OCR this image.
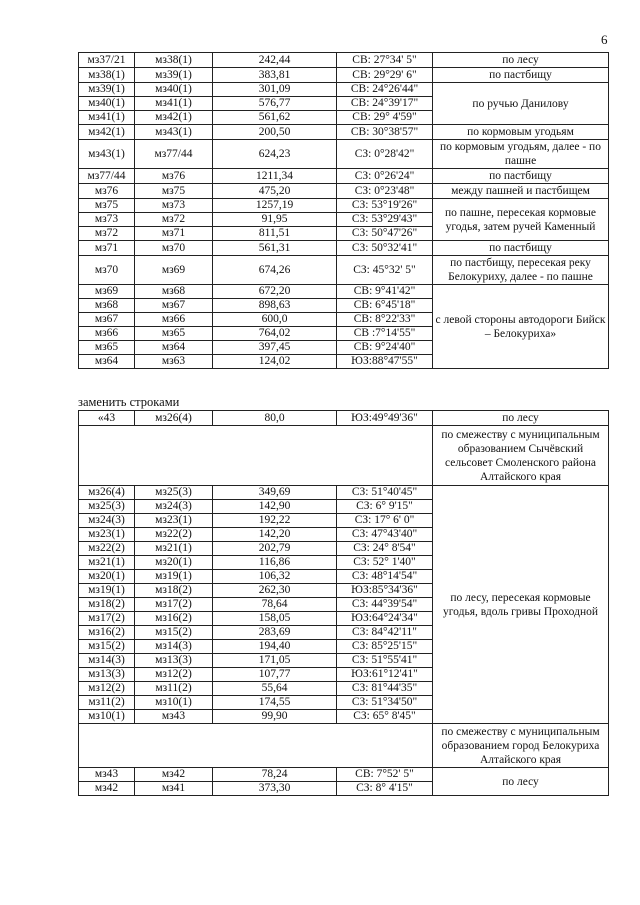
6
мз37/21	мз38(1)	242,44	СВ: 27°34' 5"	по лесу
мз38(1)	мз39(1)	383,81	СВ: 29°29' 6"	по пастбищу
мз39(1)	мз40(1)	301,09	СВ: 24°26'44"	по ручью Данилову
мз40(1)	мз41(1)	576,77	СВ: 24°39'17"	
мз41(1)	мз42(1)	561,62	СВ: 29° 4'59"	
мз42(1)	мз43(1)	200,50	СВ: 30°38'57"	по кормовым угодьям
мз43(1)	мз77/44	624,23	СЗ: 0°28'42"	по кормовым угодьям, далее - по пашне
мз77/44	мз76	1211,34	СЗ: 0°26'24"	по пастбищу
мз76	мз75	475,20	СЗ: 0°23'48"	между пашней и пастбищем
мз75	мз73	1257,19	СЗ: 53°19'26"	по пашне, пересекая кормовые угодья, затем ручей Каменный
мз73	мз72	91,95	СЗ: 53°29'43"	
мз72	мз71	811,51	СЗ: 50°47'26"	
мз71	мз70	561,31	СЗ: 50°32'41"	по пастбищу
мз70	мз69	674,26	СЗ: 45°32' 5"	по пастбищу, пересекая реку Белокуриху, далее - по пашне
мз69	мз68	672,20	СВ: 9°41'42"	с левой стороны автодороги Бийск – Белокуриха»
мз68	мз67	898,63	СВ: 6°45'18"	
мз67	мз66	600,0	СВ: 8°22'33"	
мз66	мз65	764,02	СВ :7°14'55"	
мз65	мз64	397,45	СВ: 9°24'40"	
мз64	мз63	124,02	ЮЗ:88°47'55"	
заменить строками
«43	мз26(4)	80,0	ЮЗ:49°49'36"	по лесу
				по смежеству с муниципальным образованием Сычёвский сельсовет Смоленского района Алтайского края
мз26(4)	мз25(3)	349,69	СЗ: 51°40'45"	по лесу, пересекая кормовые угодья, вдоль гривы Проходной
мз25(3)	мз24(3)	142,90	СЗ: 6° 9'15"	
мз24(3)	мз23(1)	192,22	СЗ: 17° 6' 0"	
мз23(1)	мз22(2)	142,20	СЗ: 47°43'40"	
мз22(2)	мз21(1)	202,79	СЗ: 24° 8'54"	
мз21(1)	мз20(1)	116,86	СЗ: 52° 1'40"	
мз20(1)	мз19(1)	106,32	СЗ: 48°14'54"	
мз19(1)	мз18(2)	262,30	ЮЗ:85°34'36"	
мз18(2)	мз17(2)	78,64	СЗ: 44°39'54"	
мз17(2)	мз16(2)	158,05	ЮЗ:64°24'34"	
мз16(2)	мз15(2)	283,69	СЗ: 84°42'11"	
мз15(2)	мз14(3)	194,40	СЗ: 85°25'15"	
мз14(3)	мз13(3)	171,05	СЗ: 51°55'41"	
мз13(3)	мз12(2)	107,77	ЮЗ:61°12'41"	
мз12(2)	мз11(2)	55,64	СЗ: 81°44'35"	
мз11(2)	мз10(1)	174,55	СЗ: 51°34'50"	
мз10(1)	мз43	99,90	СЗ: 65° 8'45"	
				по смежеству с муниципальным образованием город Белокуриха Алтайского края
мз43	мз42	78,24	СВ: 7°52' 5"	по лесу
мз42	мз41	373,30	СЗ: 8° 4'15"	
